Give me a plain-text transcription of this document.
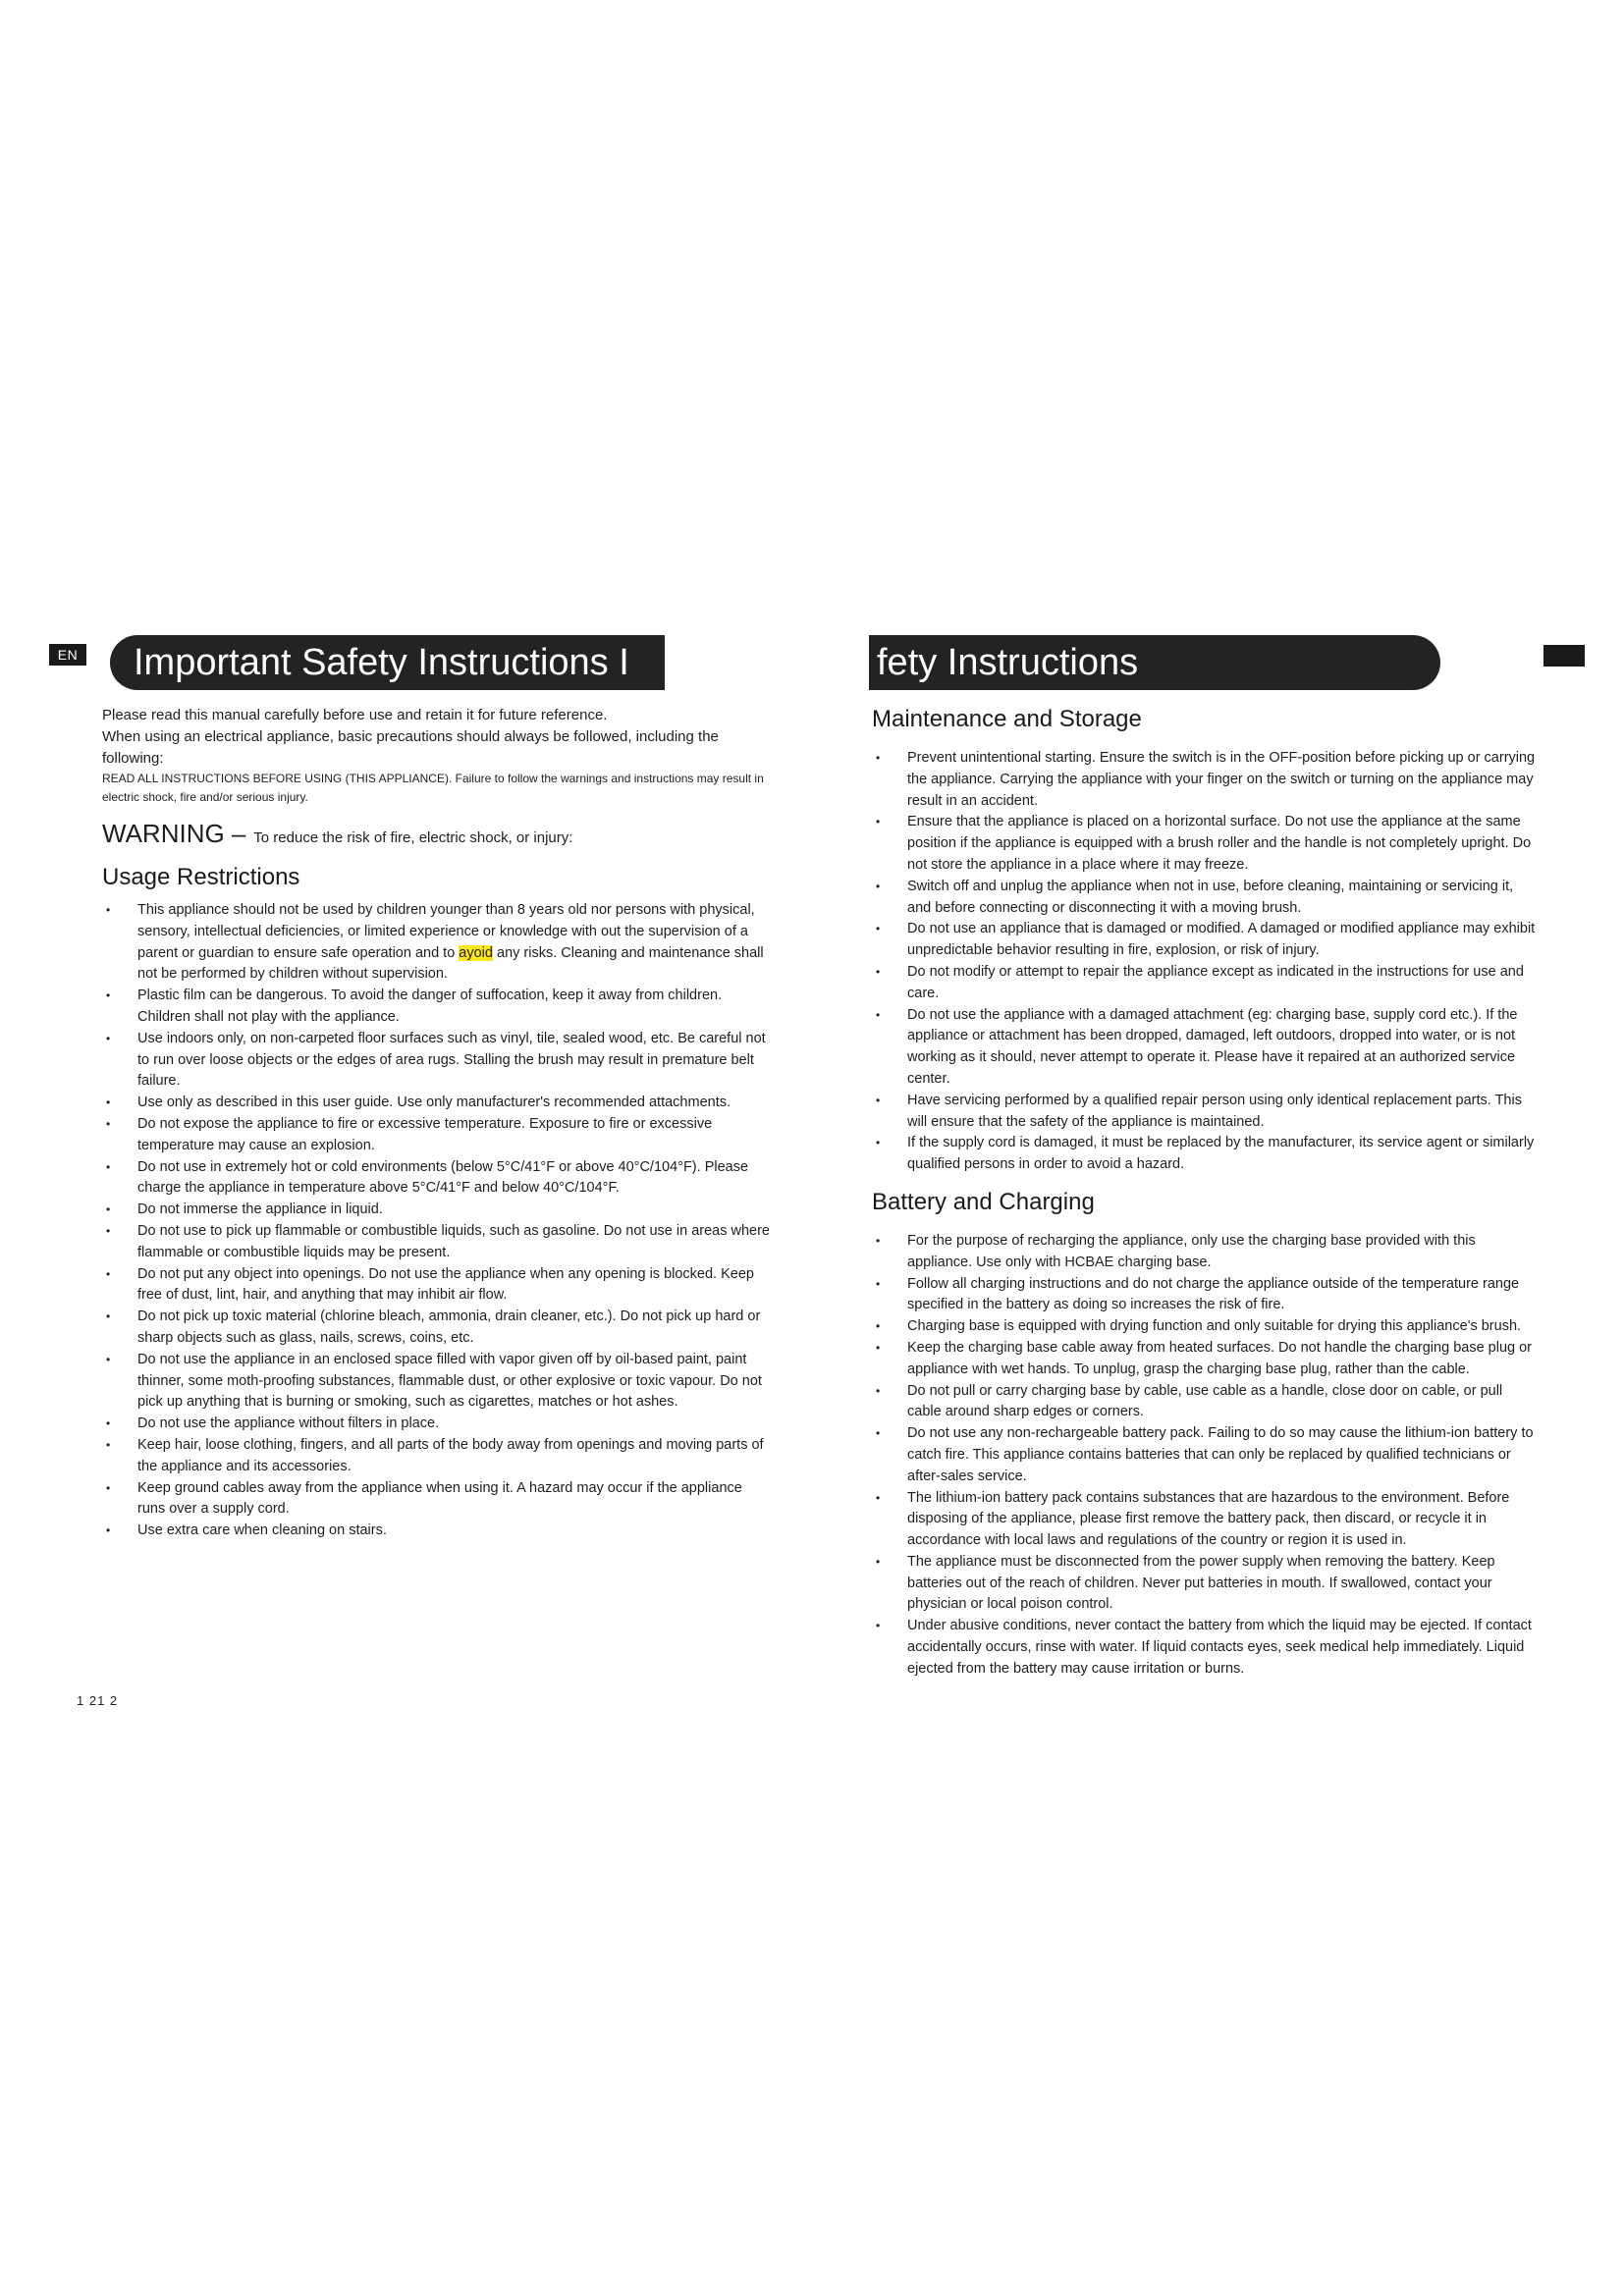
EN	Important Safety Instructions I	fety Instructions

Please read this manual carefully before use and retain it for future reference.

When using an electrical appliance, basic precautions should always be followed, including the following:

READ ALL INSTRUCTIONS BEFORE USING (THIS APPLIANCE). Failure to follow the warnings and instructions may result in electric shock, fire and/or serious injury.

WARNING – To reduce the risk of fire, electric shock, or injury:
Usage Restrictions
• This appliance should not be used by children younger than 8 years old nor persons with physical, sensory, intellectual deficiencies, or limited experience or knowledge with out the supervision of a parent or guardian to ensure safe operation and to ayoid any risks. Cleaning and maintenance shall not be performed by children without supervision.
• Plastic film can be dangerous. To avoid the danger of suffocation, keep it away from children. Children shall not play with the appliance.
• Use indoors only, on non-carpeted floor surfaces such as vinyl, tile, sealed wood, etc. Be careful not to run over loose objects or the edges of area rugs. Stalling the brush may result in premature belt failure.
• Use only as described in this user guide. Use only manufacturer's recommended attachments.
• Do not expose the appliance to fire or excessive temperature. Exposure to fire or excessive temperature may cause an explosion.
• Do not use in extremely hot or cold environments (below 5°C/41°F or above 40°C/104°F). Please charge the appliance in temperature above 5°C/41°F and below 40°C/104°F.
• Do not immerse the appliance in liquid.
• Do not use to pick up flammable or combustible liquids, such as gasoline. Do not use in areas where flammable or combustible liquids may be present.
• Do not put any object into openings. Do not use the appliance when any opening is blocked. Keep free of dust, lint, hair, and anything that may inhibit air flow.
• Do not pick up toxic material (chlorine bleach, ammonia, drain cleaner, etc.). Do not pick up hard or sharp objects such as glass, nails, screws, coins, etc.
• Do not use the appliance in an enclosed space filled with vapor given off by oil-based paint, paint thinner, some moth-proofing substances, flammable dust, or other explosive or toxic vapour. Do not pick up anything that is burning or smoking, such as cigarettes, matches or hot ashes.
• Do not use the appliance without filters in place.
• Keep hair, loose clothing, fingers, and all parts of the body away from openings and moving parts of the appliance and its accessories.
• Keep ground cables away from the appliance when using it. A hazard may occur if the appliance runs over a supply cord.
• Use extra care when cleaning on stairs.
1 21 2
Maintenance and Storage
• Prevent unintentional starting. Ensure the switch is in the OFF-position before picking up or carrying the appliance. Carrying the appliance with your finger on the switch or turning on the appliance may result in an accident.
• Ensure that the appliance is placed on a horizontal surface. Do not use the appliance at the same position if the appliance is equipped with a brush roller and the handle is not completely upright. Do not store the appliance in a place where it may freeze.
• Switch off and unplug the appliance when not in use, before cleaning, maintaining or servicing it, and before connecting or disconnecting it with a moving brush.
• Do not use an appliance that is damaged or modified. A damaged or modified appliance may exhibit unpredictable behavior resulting in fire, explosion, or risk of injury.
• Do not modify or attempt to repair the appliance except as indicated in the instructions for use and care.
• Do not use the appliance with a damaged attachment (eg: charging base, supply cord etc.). If the appliance or attachment has been dropped, damaged, left outdoors, dropped into water, or is not working as it should, never attempt to operate it. Please have it repaired at an authorized service center.
• Have servicing performed by a qualified repair person using only identical replacement parts. This will ensure that the safety of the appliance is maintained.
• If the supply cord is damaged, it must be replaced by the manufacturer, its service agent or similarly qualified persons in order to avoid a hazard.
Battery and Charging
• For the purpose of recharging the appliance, only use the charging base provided with this appliance. Use only with HCBAE charging base.
• Follow all charging instructions and do not charge the appliance outside of the temperature range specified in the battery as doing so increases the risk of fire.
• Charging base is equipped with drying function and only suitable for drying this appliance's brush.
• Keep the charging base cable away from heated surfaces. Do not handle the charging base plug or appliance with wet hands. To unplug, grasp the charging base plug, rather than the cable.
• Do not pull or carry charging base by cable, use cable as a handle, close door on cable, or pull cable around sharp edges or corners.
• Do not use any non-rechargeable battery pack. Failing to do so may cause the lithium-ion battery to catch fire. This appliance contains batteries that can only be replaced by qualified technicians or after-sales service.
• The lithium-ion battery pack contains substances that are hazardous to the environment. Before disposing of the appliance, please first remove the battery pack, then discard, or recycle it in accordance with local laws and regulations of the country or region it is used in.
• The appliance must be disconnected from the power supply when removing the battery. Keep batteries out of the reach of children. Never put batteries in mouth. If swallowed, contact your physician or local poison control.
• Under abusive conditions, never contact the battery from which the liquid may be ejected. If contact accidentally occurs, rinse with water. If liquid contacts eyes, seek medical help immediately. Liquid ejected from the battery may cause irritation or burns.
